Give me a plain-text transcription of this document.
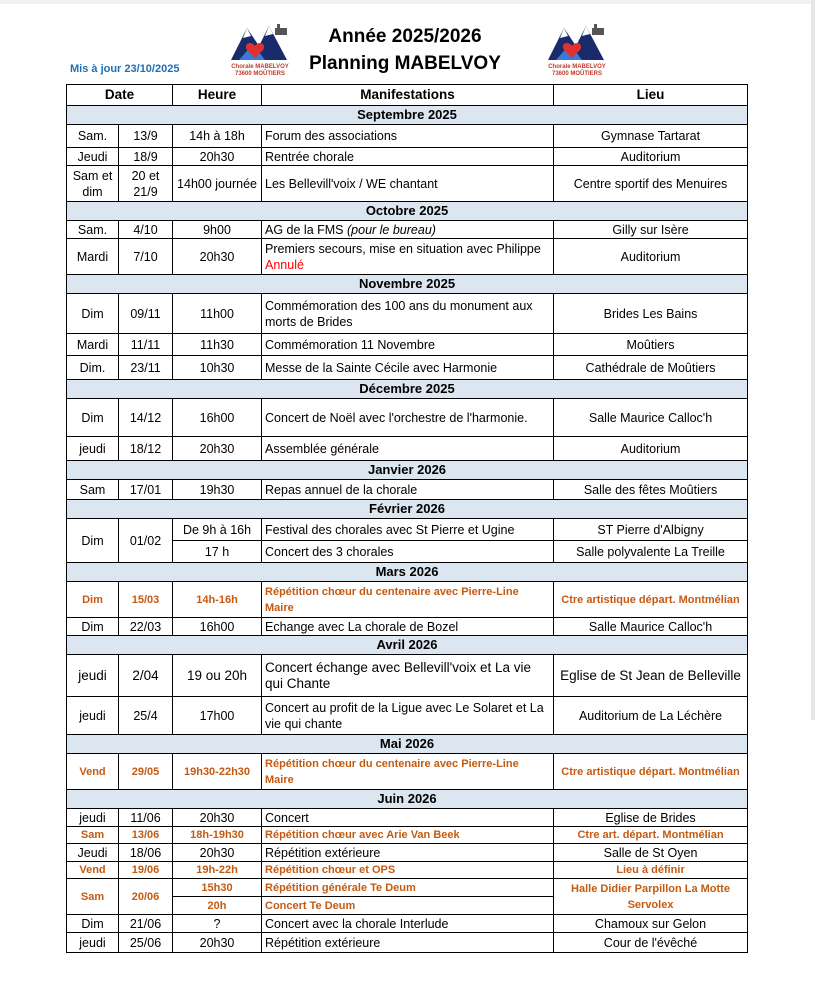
Mis à jour 23/10/2025
Année 2025/2026
Planning MABELVOY
Chorale MABELVOY
73600 MOÛTIERS
Chorale MABELVOY
73600 MOÛTIERS
Date		Heure	Manifestations	Lieu
Septembre 2025				
Sam.	13/9	14h à 18h	Forum des associations	Gymnase Tartarat
Jeudi	18/9	20h30	Rentrée chorale	Auditorium
Sam et dim	20 et 21/9	14h00 journée	Les Bellevill'voix / WE chantant	Centre sportif des Menuires
Octobre 2025				
Sam.	4/10	9h00	AG de la FMS (pour le bureau)	Gilly sur Isère
Mardi	7/10	20h30	Premiers secours, mise en situation avec Philippe Annulé	Auditorium
Novembre 2025				
Dim	09/11	11h00	Commémoration des 100 ans du monument aux morts de Brides	Brides Les Bains
Mardi	11/11	11h30	Commémoration 11 Novembre	Moûtiers
Dim.	23/11	10h30	Messe de la Sainte Cécile avec Harmonie	Cathédrale de Moûtiers
Décembre 2025				
Dim	14/12	16h00	Concert de Noël avec l'orchestre de l'harmonie.	Salle Maurice Calloc'h
jeudi	18/12	20h30	Assemblée générale	Auditorium
Janvier 2026				
Sam	17/01	19h30	Repas annuel de la chorale	Salle des fêtes Moûtiers
Février 2026				
Dim	01/02	De 9h à 16h	Festival des chorales avec St Pierre et Ugine	ST Pierre d'Albigny
		17 h	Concert des 3 chorales	Salle polyvalente La Treille
Mars 2026				
Dim	15/03	14h-16h	Répétition chœur du centenaire avec Pierre-Line Maire	Ctre artistique départ. Montmélian
Dim	22/03	16h00	Echange avec La chorale de Bozel	Salle Maurice Calloc'h
Avril 2026				
jeudi	2/04	19 ou 20h	Concert échange avec Bellevill'voix et La vie qui Chante	Eglise de St Jean de Belleville
jeudi	25/4	17h00	Concert au profit de la Ligue avec Le Solaret et La vie qui chante	Auditorium de La Léchère
Mai 2026				
Vend	29/05	19h30-22h30	Répétition chœur du centenaire avec Pierre-Line Maire	Ctre artistique départ. Montmélian
Juin 2026				
jeudi	11/06	20h30	Concert	Eglise de Brides
Sam	13/06	18h-19h30	Répétition chœur avec Arie Van Beek	Ctre art. départ. Montmélian
Jeudi	18/06	20h30	Répétition extérieure	Salle de St Oyen
Vend	19/06	19h-22h	Répétition chœur et OPS	Lieu à définir
Sam	20/06	15h30	Répétition générale Te Deum	Halle Didier Parpillon La Motte Servolex
		20h	Concert Te Deum	
Dim	21/06	?	Concert avec la chorale Interlude	Chamoux sur Gelon
jeudi	25/06	20h30	Répétition extérieure	Cour de l'évêché
